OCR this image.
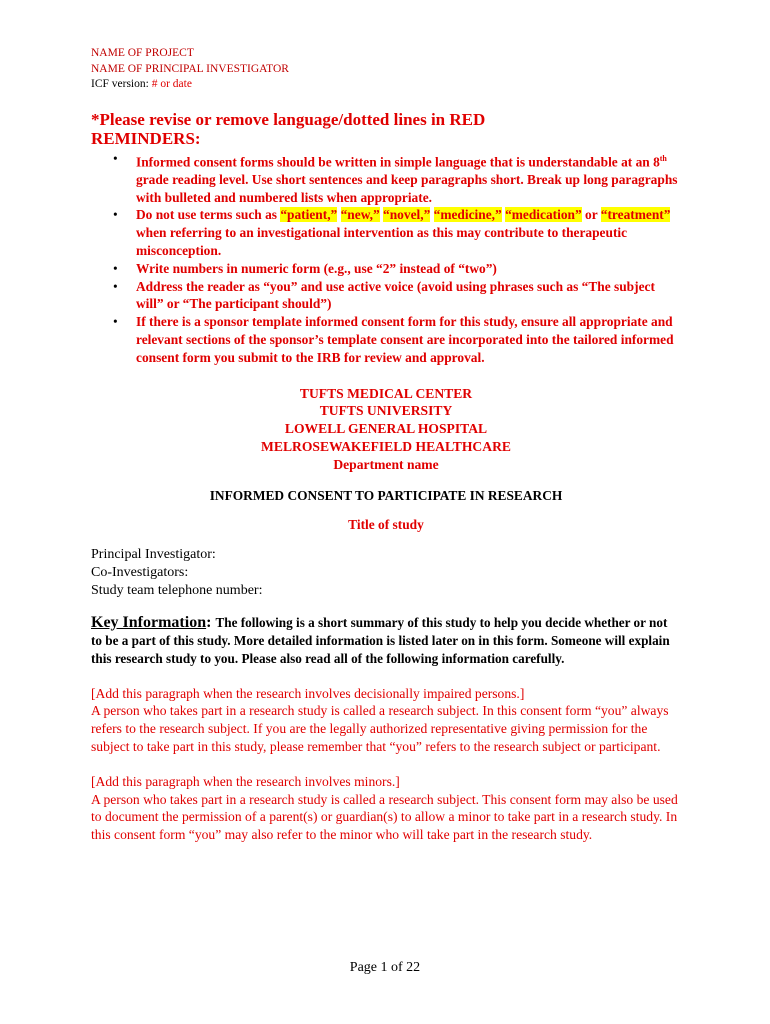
NAME OF PROJECT
NAME OF PRINCIPAL INVESTIGATOR
ICF version: # or date
*Please revise or remove language/dotted lines in RED
REMINDERS:
• Informed consent forms should be written in simple language that is understandable at an 8th grade reading level. Use short sentences and keep paragraphs short. Break up long paragraphs with bulleted and numbered lists when appropriate.
• Do not use terms such as “patient,” “new,” “novel,” “medicine,” “medication” or “treatment” when referring to an investigational intervention as this may contribute to therapeutic misconception.
• Write numbers in numeric form (e.g., use “2” instead of “two”)
• Address the reader as “you” and use active voice (avoid using phrases such as “The subject will” or “The participant should”)
• If there is a sponsor template informed consent form for this study, ensure all appropriate and relevant sections of the sponsor’s template consent are incorporated into the tailored informed consent form you submit to the IRB for review and approval.
TUFTS MEDICAL CENTER
TUFTS UNIVERSITY
LOWELL GENERAL HOSPITAL
MELROSEWAKEFIELD HEALTHCARE
Department name
INFORMED CONSENT TO PARTICIPATE IN RESEARCH
Title of study
Principal Investigator:
Co-Investigators:
Study team telephone number:
Key Information: The following is a short summary of this study to help you decide whether or not to be a part of this study. More detailed information is listed later on in this form. Someone will explain this research study to you. Please also read all of the following information carefully.
[Add this paragraph when the research involves decisionally impaired persons.]
A person who takes part in a research study is called a research subject. In this consent form “you” always refers to the research subject. If you are the legally authorized representative giving permission for the subject to take part in this study, please remember that “you” refers to the research subject or participant.
[Add this paragraph when the research involves minors.]
A person who takes part in a research study is called a research subject. This consent form may also be used to document the permission of a parent(s) or guardian(s) to allow a minor to take part in a research study. In this consent form “you” may also refer to the minor who will take part in the research study.
Page 1 of 22
